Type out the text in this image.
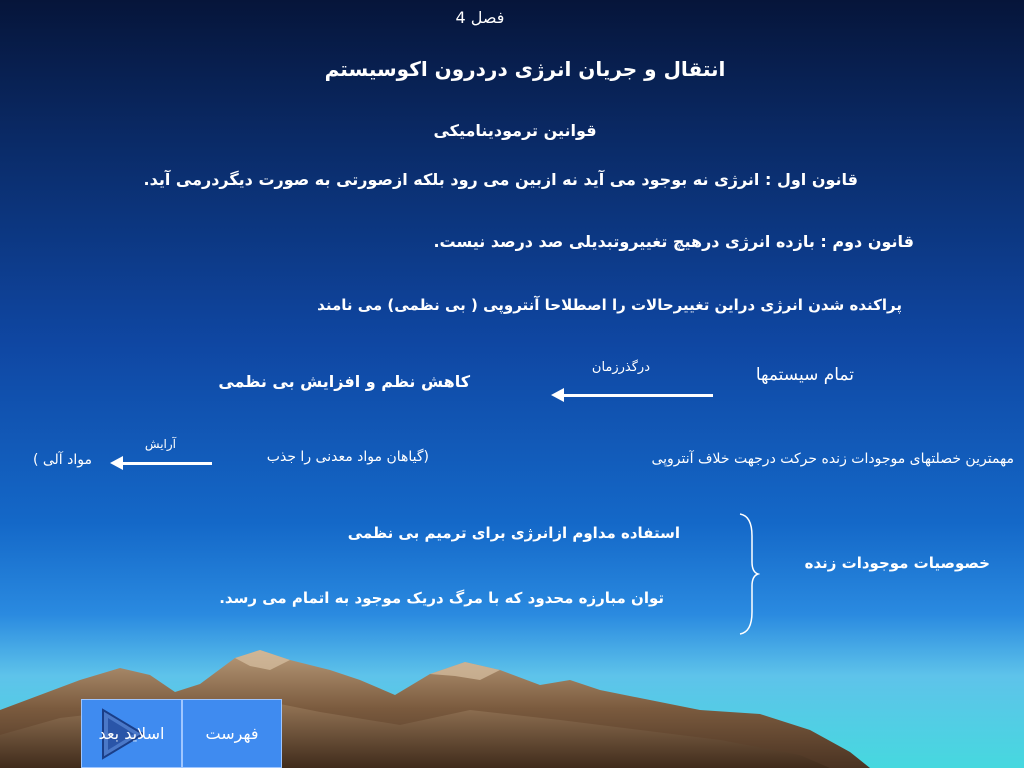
فصل 4
انتقال و جریان انرژی دردرون اکوسیستم
قوانین ترمودینامیکی
قانون اول : انرژی نه بوجود می آید نه ازبین می رود بلکه ازصورتی به صورت دیگردرمی آید.
قانون دوم : بازده انرژی درهیچ تغییروتبدیلی صد درصد نیست.
پراکنده شدن انرژی دراین تغییرحالات را اصطلاحا آنتروپی ( بی نظمی) می نامند
تمام سیستمها
درگذرزمان
کاهش نظم و افزایش بی نظمی
مهمترین خصلتهای موجودات زنده حرکت درجهت خلاف آنتروپی
(گیاهان مواد معدنی را جذب
آرایش
مواد آلی )
استفاده مداوم ازانرژی برای ترمیم بی نظمی
خصوصیات موجودات زنده
توان مبارزه محدود که با مرگ دریک موجود به اتمام می رسد.
اسلاید بعد	فهرست
